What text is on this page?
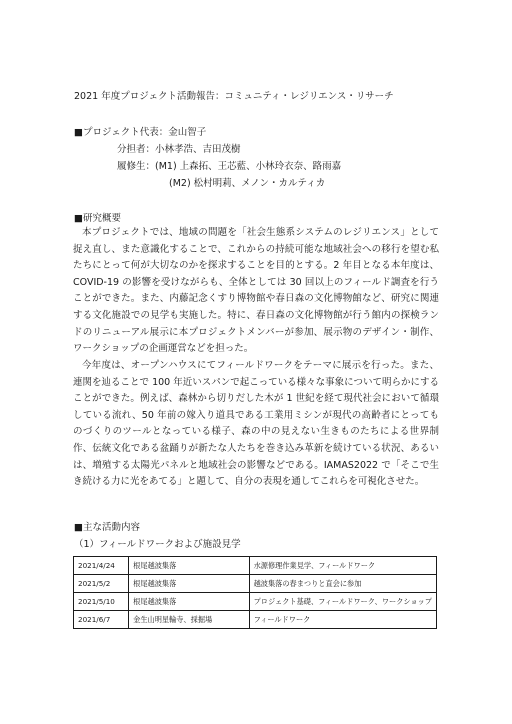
2021 年度プロジェクト活動報告：コミュニティ・レジリエンス・リサーチ
■プロジェクト代表：金山智子
分担者：小林孝浩、吉田茂樹
履修生：(M1) 上森拓、王芯藍、小林玲衣奈、路雨嘉
(M2) 松村明莉、メノン・カルティカ
■研究概要
本プロジェクトでは、地域の問題を「社会生態系システムのレジリエンス」として捉え直し、また意識化することで、これからの持続可能な地域社会への移行を望む私たちにとって何が大切なのかを探求することを目的とする。2 年目となる本年度は、COVID-19 の影響を受けながらも、全体としては 30 回以上のフィールド調査を行うことができた。また、内藤記念くすり博物館や春日森の文化博物館など、研究に関連する文化施設での見学も実施した。特に、春日森の文化博物館が行う館内の探検ランドのリニューアル展示に本プロジェクトメンバーが参加、展示物のデザイン・制作、ワークショップの企画運営などを担った。
今年度は、オープンハウスにてフィールドワークをテーマに展示を行った。また、連関を辿ることで 100 年近いスパンで起こっている様々な事象について明らかにすることができた。例えば、森林から切りだした木が 1 世紀を経て現代社会において循環している流れ、50 年前の嫁入り道具である工業用ミシンが現代の高齢者にとってものづくりのツールとなっている様子、森の中の見えない生きものたちによる世界制作、伝統文化である盆踊りが新たな人たちを巻き込み革新を続けている状況、あるいは、増殖する太陽光パネルと地域社会の影響などである。IAMAS2022 で「そこで生き続ける力に光をあてる」と題して、自分の表現を通してこれらを可視化させた。
■主な活動内容
（1）フィールドワークおよび施設見学
2021/4/24	根尾越波集落	水源修理作業見学、フィールドワーク
2021/5/2	根尾越波集落	越波集落の春まつりと直会に参加
2021/5/10	根尾越波集落	プロジェクト基礎、フィールドワーク、ワークショップ
2021/6/7	金生山明星輪寺、採掘場	フィールドワーク
